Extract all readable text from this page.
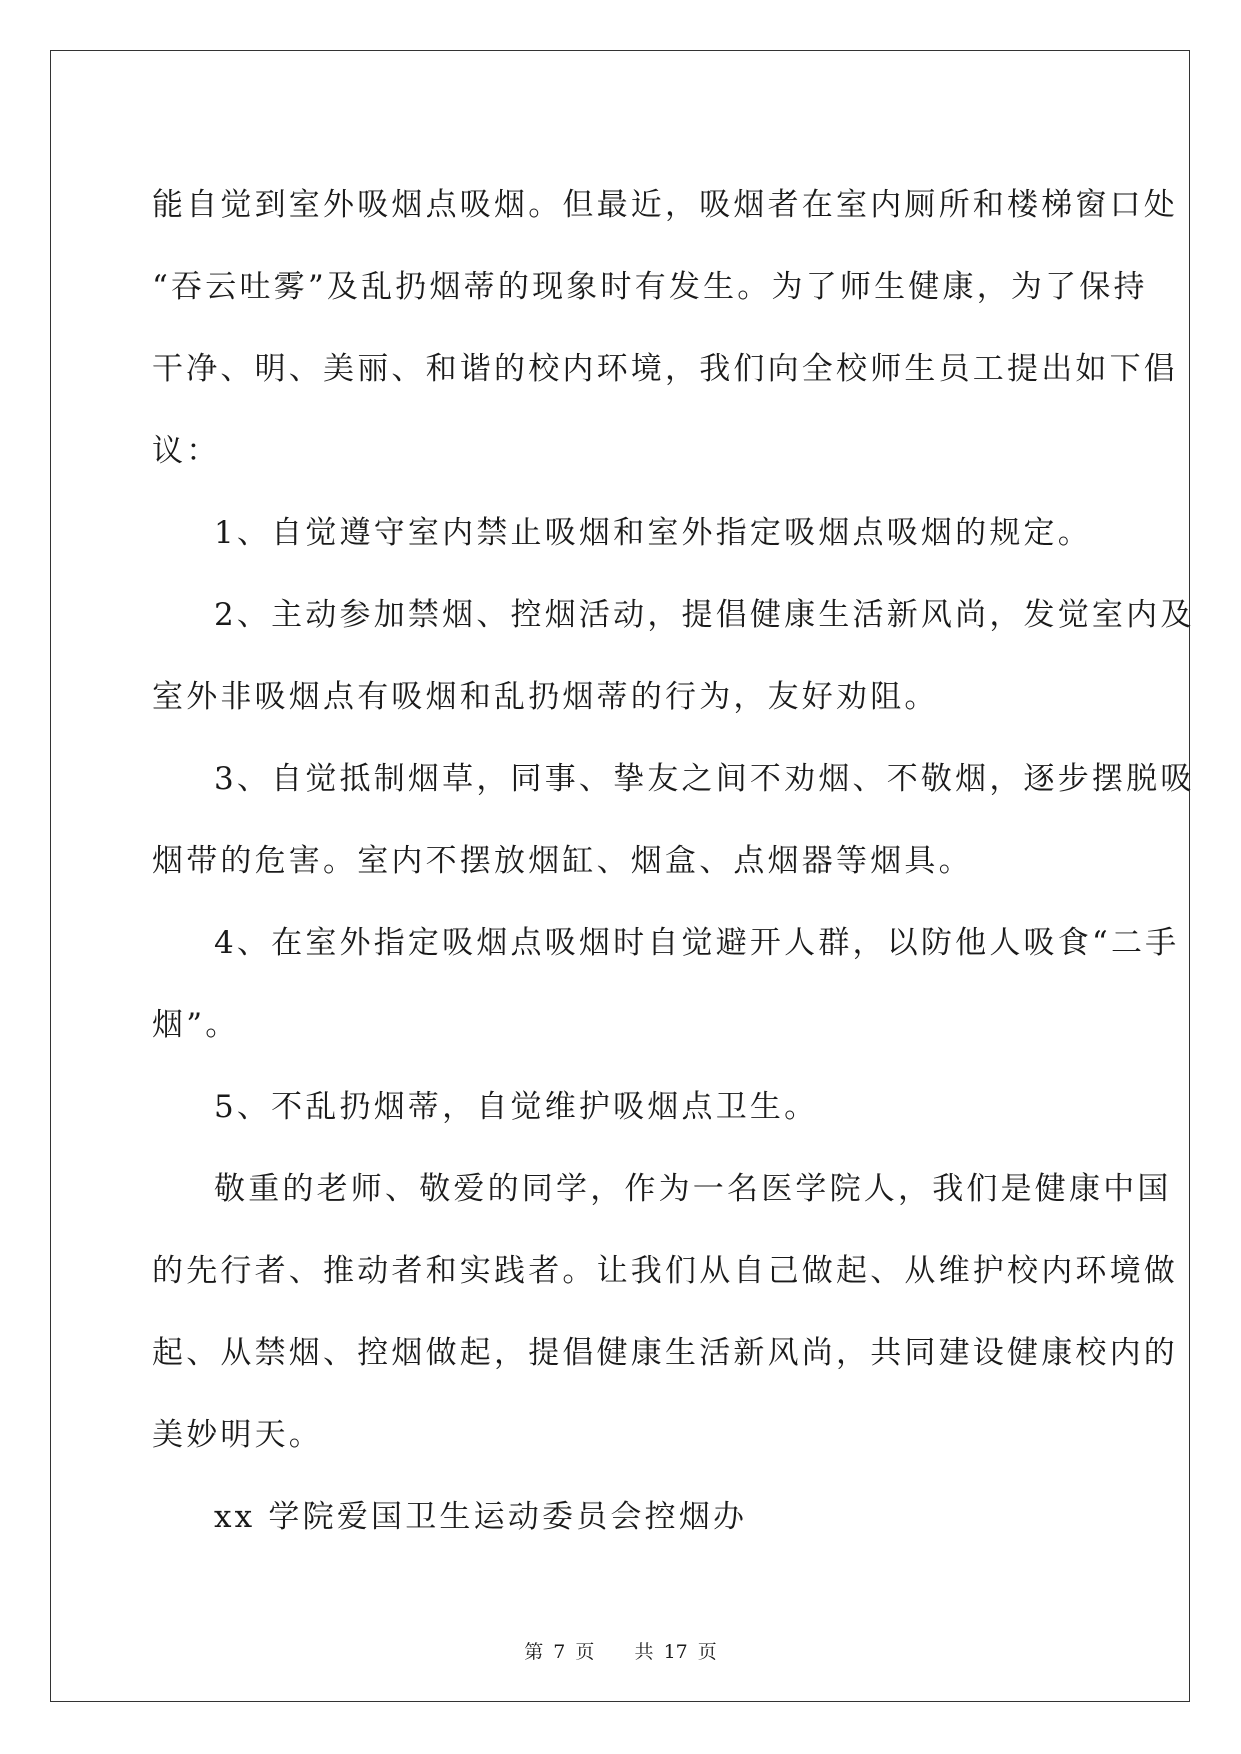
能自觉到室外吸烟点吸烟。但最近，吸烟者在室内厕所和楼梯窗口处
“吞云吐雾”及乱扔烟蒂的现象时有发生。为了师生健康，为了保持
干净、明、美丽、和谐的校内环境，我们向全校师生员工提出如下倡
议：
1、自觉遵守室内禁止吸烟和室外指定吸烟点吸烟的规定。
2、主动参加禁烟、控烟活动，提倡健康生活新风尚，发觉室内及
室外非吸烟点有吸烟和乱扔烟蒂的行为，友好劝阻。
3、自觉抵制烟草，同事、挚友之间不劝烟、不敬烟，逐步摆脱吸
烟带的危害。室内不摆放烟缸、烟盒、点烟器等烟具。
4、在室外指定吸烟点吸烟时自觉避开人群，以防他人吸食“二手
烟”。
5、不乱扔烟蒂，自觉维护吸烟点卫生。
敬重的老师、敬爱的同学，作为一名医学院人，我们是健康中国
的先行者、推动者和实践者。让我们从自己做起、从维护校内环境做
起、从禁烟、控烟做起，提倡健康生活新风尚，共同建设健康校内的
美妙明天。
xx 学院爱国卫生运动委员会控烟办
第 7 页    共 17 页
